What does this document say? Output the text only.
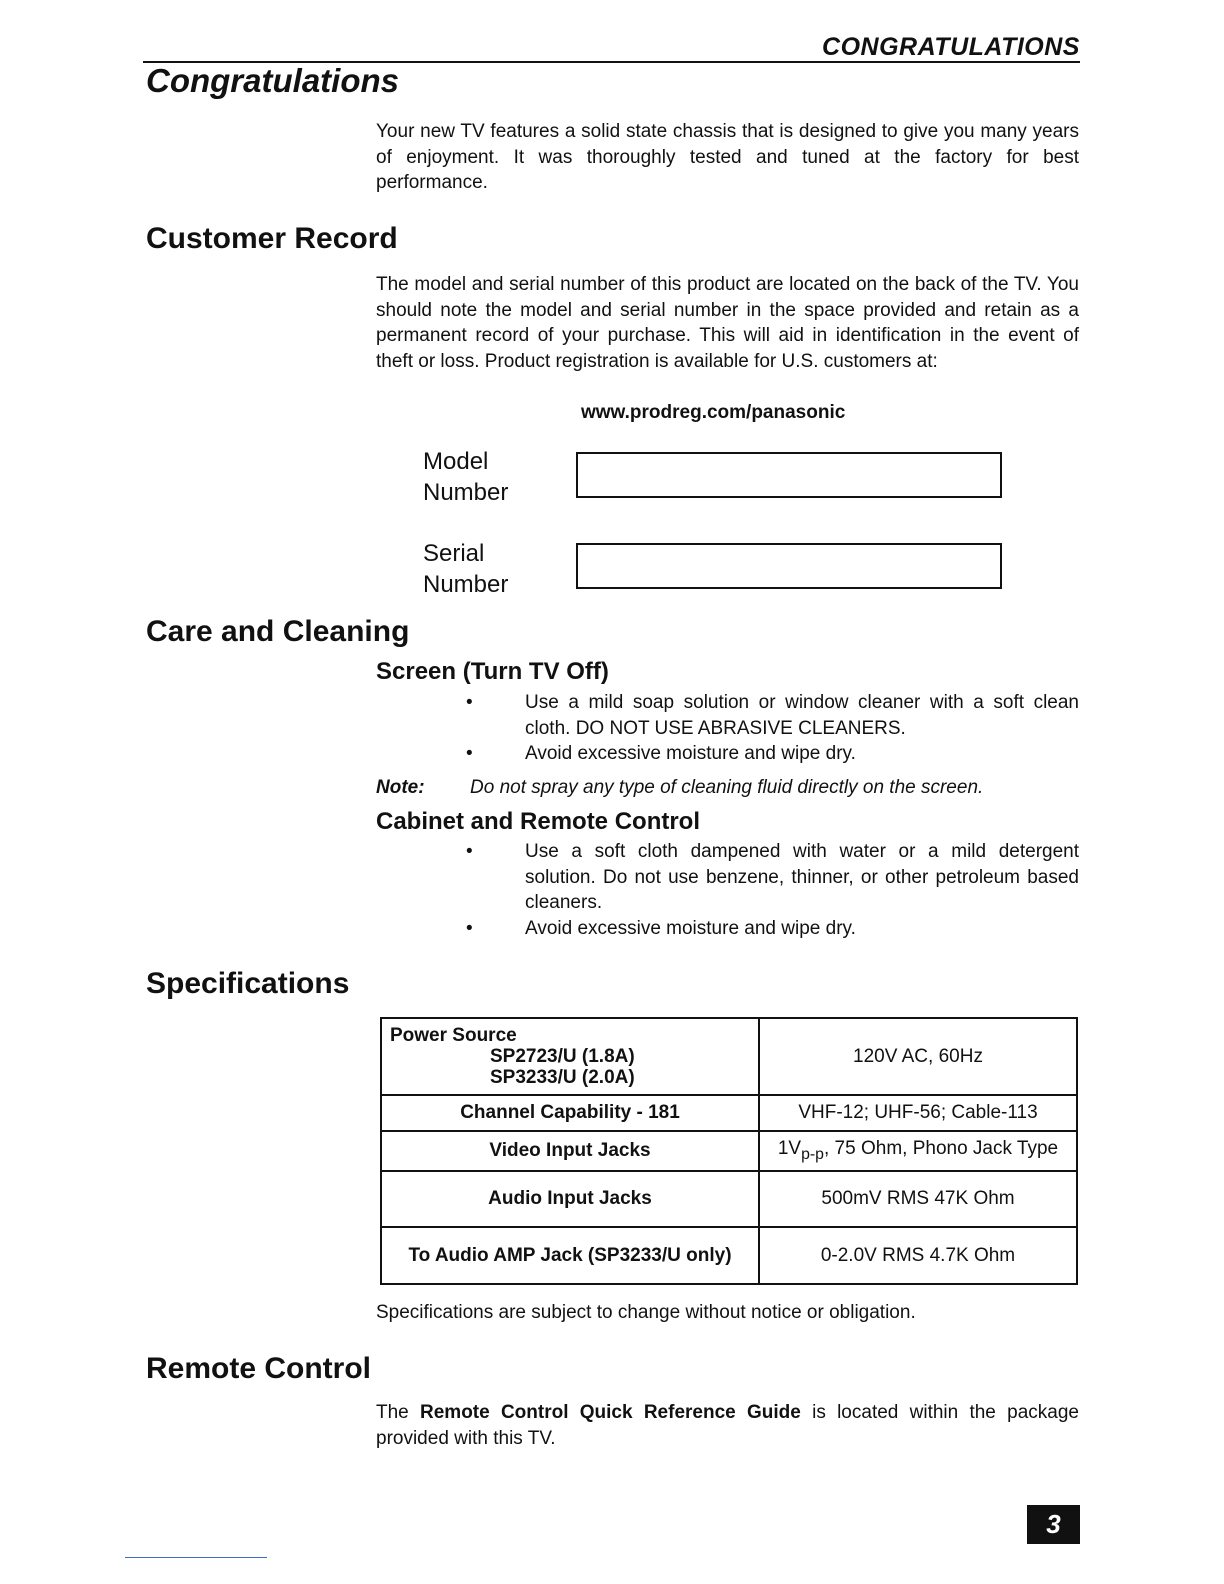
CONGRATULATIONS
Congratulations
Your new TV features a solid state chassis that is designed to give you many years of enjoyment. It was thoroughly tested and tuned at the factory for best performance.
Customer Record
The model and serial number of this product are located on the back of the TV. You should note the model and serial number in the space provided and retain as a permanent record of your purchase. This will aid in identification in the event of theft or loss. Product registration is available for U.S. customers at:
www.prodreg.com/panasonic
Model
Number
Serial
Number
Care and Cleaning
Screen (Turn TV Off)
•	Use a mild soap solution or window cleaner with a soft clean cloth. DO NOT USE ABRASIVE CLEANERS.
•	Avoid excessive moisture and wipe dry.
Note: Do not spray any type of cleaning fluid directly on the screen.
Cabinet and Remote Control
•	Use a soft cloth dampened with water or a mild detergent solution. Do not use benzene, thinner, or other petroleum based cleaners.
•	Avoid excessive moisture and wipe dry.
Specifications
Power Source
SP2723/U (1.8A)
SP3233/U (2.0A)	120V AC, 60Hz
Channel Capability - 181	VHF-12; UHF-56; Cable-113
Video Input Jacks	$1V_{p-p}$, 75 Ohm, Phono Jack Type
Audio Input Jacks	500mV RMS 47K Ohm
To Audio AMP Jack (SP3233/U only)	0-2.0V RMS 4.7K Ohm
Specifications are subject to change without notice or obligation.
Remote Control
The Remote Control Quick Reference Guide is located within the package provided with this TV.
3
